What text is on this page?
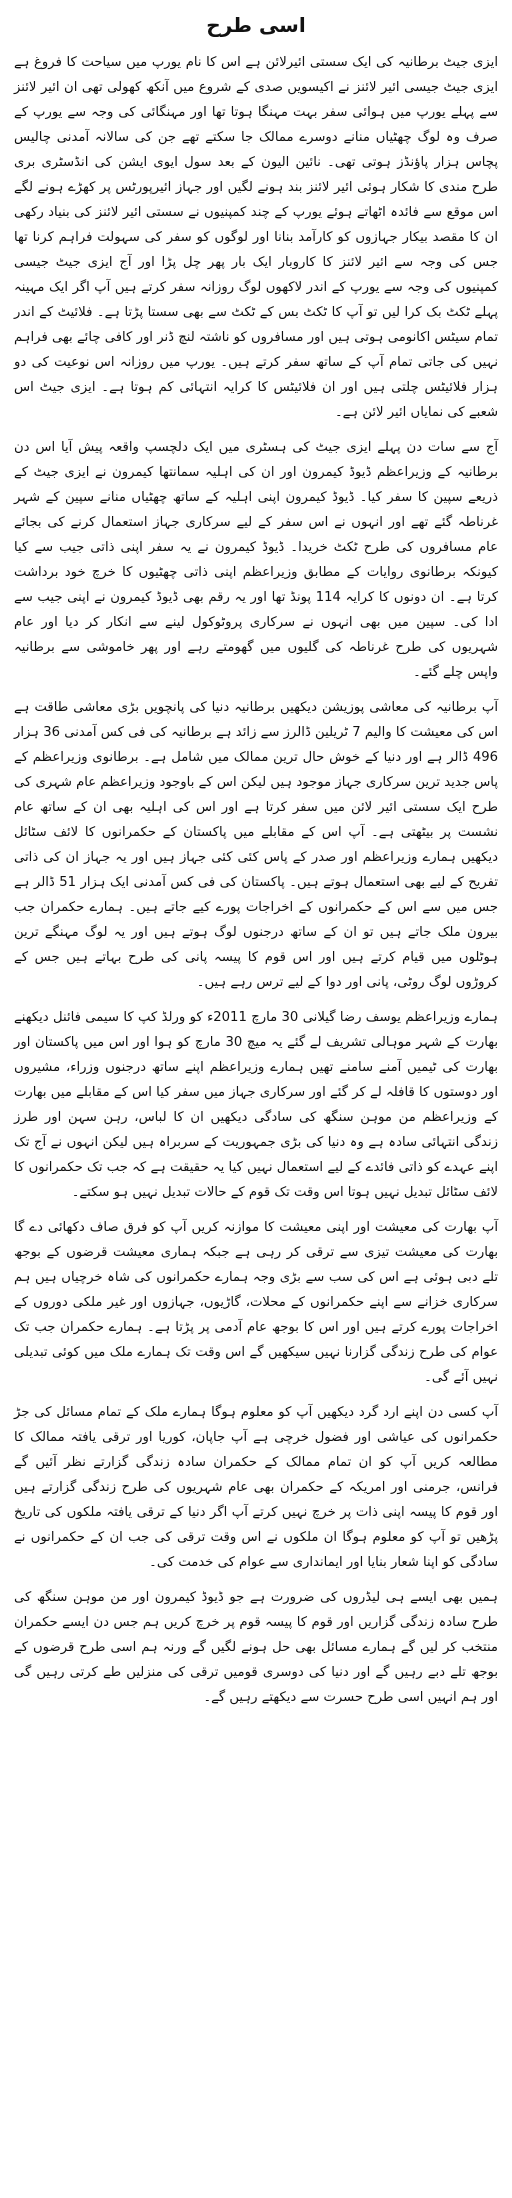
اسی طرح

ایزی جیٹ برطانیہ کی ایک سستی ائیرلائن ہے اس کا نام یورپ میں سیاحت کا فروغ ہے ایزی جیٹ جیسی ائیر لائنز نے اکیسویں صدی کے شروع میں آنکھ کھولی تھی ان ائیر لائنز سے پہلے یورپ میں ہوائی سفر بہت مہنگا ہوتا تھا اور مہنگائی کی وجہ سے یورپ کے صرف وہ لوگ چھٹیاں منانے دوسرے ممالک جا سکتے تھے جن کی سالانہ آمدنی چالیس پچاس ہزار پاؤنڈز ہوتی تھی۔ نائین الیون کے بعد سول ایوی ایشن کی انڈسٹری بری طرح مندی کا شکار ہوئی ائیر لائنز بند ہونے لگیں اور جہاز ائیرپورٹس پر کھڑے ہونے لگے اس موقع سے فائدہ اٹھاتے ہوئے یورپ کے چند کمپنیوں نے سستی ائیر لائنز کی بنیاد رکھی ان کا مقصد بیکار جہازوں کو کارآمد بنانا اور لوگوں کو سفر کی سہولت فراہم کرنا تھا جس کی وجہ سے ائیر لائنز کا کاروبار ایک بار پھر چل پڑا اور آج ایزی جیٹ جیسی کمپنیوں کی وجہ سے یورپ کے اندر لاکھوں لوگ روزانہ سفر کرتے ہیں آپ اگر ایک مہینہ پہلے ٹکٹ بک کرا لیں تو آپ کا ٹکٹ بس کے ٹکٹ سے بھی سستا پڑتا ہے۔ فلائیٹ کے اندر تمام سیٹس اکانومی ہوتی ہیں اور مسافروں کو ناشتہ لنچ ڈنر اور کافی چائے بھی فراہم نہیں کی جاتی تمام آپ کے ساتھ سفر کرتے ہیں۔ یورپ میں روزانہ اس نوعیت کی دو ہزار فلائیٹس چلتی ہیں اور ان فلائیٹس کا کرایہ انتہائی کم ہوتا ہے۔ ایزی جیٹ اس شعبے کی نمایاں ائیر لائن ہے۔

آج سے سات دن پہلے ایزی جیٹ کی ہسٹری میں ایک دلچسپ واقعہ پیش آیا اس دن برطانیہ کے وزیراعظم ڈیوڈ کیمرون اور ان کی اہلیہ سمانتھا کیمرون نے ایزی جیٹ کے ذریعے سپین کا سفر کیا۔ ڈیوڈ کیمرون اپنی اہلیہ کے ساتھ چھٹیاں منانے سپین کے شہر غرناطہ گئے تھے اور انہوں نے اس سفر کے لیے سرکاری جہاز استعمال کرنے کی بجائے عام مسافروں کی طرح ٹکٹ خریدا۔ ڈیوڈ کیمرون نے یہ سفر اپنی ذاتی جیب سے کیا کیونکہ برطانوی روایات کے مطابق وزیراعظم اپنی ذاتی چھٹیوں کا خرچ خود برداشت کرتا ہے۔ ان دونوں کا کرایہ 114 پونڈ تھا اور یہ رقم بھی ڈیوڈ کیمرون نے اپنی جیب سے ادا کی۔ سپین میں بھی انہوں نے سرکاری پروٹوکول لینے سے انکار کر دیا اور عام شہریوں کی طرح غرناطہ کی گلیوں میں گھومتے رہے اور پھر خاموشی سے برطانیہ واپس چلے گئے۔

آپ برطانیہ کی معاشی پوزیشن دیکھیں برطانیہ دنیا کی پانچویں بڑی معاشی طاقت ہے اس کی معیشت کا والیم 7 ٹریلین ڈالرز سے زائد ہے برطانیہ کی فی کس آمدنی 36 ہزار 496 ڈالر ہے اور دنیا کے خوش حال ترین ممالک میں شامل ہے۔ برطانوی وزیراعظم کے پاس جدید ترین سرکاری جہاز موجود ہیں لیکن اس کے باوجود وزیراعظم عام شہری کی طرح ایک سستی ائیر لائن میں سفر کرتا ہے اور اس کی اہلیہ بھی ان کے ساتھ عام نشست پر بیٹھتی ہے۔ آپ اس کے مقابلے میں پاکستان کے حکمرانوں کا لائف سٹائل دیکھیں ہمارے وزیراعظم اور صدر کے پاس کئی کئی جہاز ہیں اور یہ جہاز ان کی ذاتی تفریح کے لیے بھی استعمال ہوتے ہیں۔ پاکستان کی فی کس آمدنی ایک ہزار 51 ڈالر ہے جس میں سے اس کے حکمرانوں کے اخراجات پورے کیے جاتے ہیں۔ ہمارے حکمران جب بیرون ملک جاتے ہیں تو ان کے ساتھ درجنوں لوگ ہوتے ہیں اور یہ لوگ مہنگے ترین ہوٹلوں میں قیام کرتے ہیں اور اس قوم کا پیسہ پانی کی طرح بہاتے ہیں جس کے کروڑوں لوگ روٹی، پانی اور دوا کے لیے ترس رہے ہیں۔

ہمارے وزیراعظم یوسف رضا گیلانی 30 مارچ 2011ء کو ورلڈ کپ کا سیمی فائنل دیکھنے بھارت کے شہر موہالی تشریف لے گئے یہ میچ 30 مارچ کو ہوا اور اس میں پاکستان اور بھارت کی ٹیمیں آمنے سامنے تھیں ہمارے وزیراعظم اپنے ساتھ درجنوں وزراء، مشیروں اور دوستوں کا قافلہ لے کر گئے اور سرکاری جہاز میں سفر کیا اس کے مقابلے میں بھارت کے وزیراعظم من موہن سنگھ کی سادگی دیکھیں ان کا لباس، رہن سہن اور طرز زندگی انتہائی سادہ ہے وہ دنیا کی بڑی جمہوریت کے سربراہ ہیں لیکن انہوں نے آج تک اپنے عہدے کو ذاتی فائدے کے لیے استعمال نہیں کیا یہ حقیقت ہے کہ جب تک حکمرانوں کا لائف سٹائل تبدیل نہیں ہوتا اس وقت تک قوم کے حالات تبدیل نہیں ہو سکتے۔

آپ بھارت کی معیشت اور اپنی معیشت کا موازنہ کریں آپ کو فرق صاف دکھائی دے گا بھارت کی معیشت تیزی سے ترقی کر رہی ہے جبکہ ہماری معیشت قرضوں کے بوجھ تلے دبی ہوئی ہے اس کی سب سے بڑی وجہ ہمارے حکمرانوں کی شاہ خرچیاں ہیں ہم سرکاری خزانے سے اپنے حکمرانوں کے محلات، گاڑیوں، جہازوں اور غیر ملکی دوروں کے اخراجات پورے کرتے ہیں اور اس کا بوجھ عام آدمی پر پڑتا ہے۔ ہمارے حکمران جب تک عوام کی طرح زندگی گزارنا نہیں سیکھیں گے اس وقت تک ہمارے ملک میں کوئی تبدیلی نہیں آئے گی۔

آپ کسی دن اپنے ارد گرد دیکھیں آپ کو معلوم ہوگا ہمارے ملک کے تمام مسائل کی جڑ حکمرانوں کی عیاشی اور فضول خرچی ہے آپ جاپان، کوریا اور ترقی یافتہ ممالک کا مطالعہ کریں آپ کو ان تمام ممالک کے حکمران سادہ زندگی گزارتے نظر آئیں گے فرانس، جرمنی اور امریکہ کے حکمران بھی عام شہریوں کی طرح زندگی گزارتے ہیں اور قوم کا پیسہ اپنی ذات پر خرچ نہیں کرتے آپ اگر دنیا کے ترقی یافتہ ملکوں کی تاریخ پڑھیں تو آپ کو معلوم ہوگا ان ملکوں نے اس وقت ترقی کی جب ان کے حکمرانوں نے سادگی کو اپنا شعار بنایا اور ایمانداری سے عوام کی خدمت کی۔

ہمیں بھی ایسے ہی لیڈروں کی ضرورت ہے جو ڈیوڈ کیمرون اور من موہن سنگھ کی طرح سادہ زندگی گزاریں اور قوم کا پیسہ قوم پر خرچ کریں ہم جس دن ایسے حکمران منتخب کر لیں گے ہمارے مسائل بھی حل ہونے لگیں گے ورنہ ہم اسی طرح قرضوں کے بوجھ تلے دبے رہیں گے اور دنیا کی دوسری قومیں ترقی کی منزلیں طے کرتی رہیں گی اور ہم انہیں اسی طرح حسرت سے دیکھتے رہیں گے۔
